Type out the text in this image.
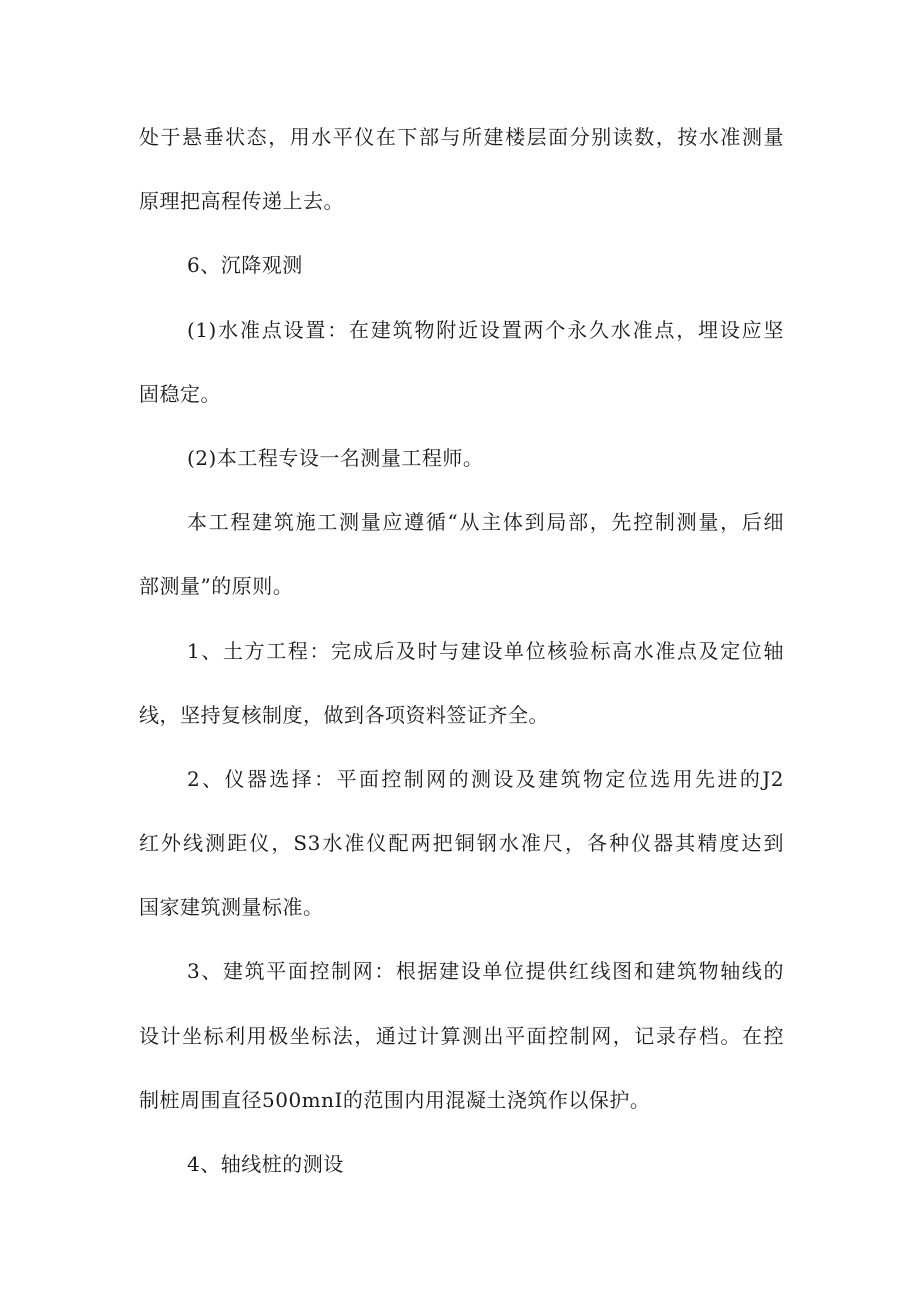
处于悬垂状态，用水平仪在下部与所建楼层面分别读数，按水准测量
原理把高程传递上去。
6、沉降观测
(1)水准点设置：在建筑物附近设置两个永久水准点，埋设应坚
固稳定。
(2)本工程专设一名测量工程师。
本工程建筑施工测量应遵循“从主体到局部，先控制测量，后细
部测量”的原则。
1、土方工程：完成后及时与建设单位核验标高水准点及定位轴
线，坚持复核制度，做到各项资料签证齐全。
2、仪器选择：平面控制网的测设及建筑物定位选用先进的J2
红外线测距仪，S3水准仪配两把铜钢水准尺，各种仪器其精度达到
国家建筑测量标准。
3、建筑平面控制网：根据建设单位提供红线图和建筑物轴线的
设计坐标利用极坐标法，通过计算测出平面控制网，记录存档。在控
制桩周围直径500mnI的范围内用混凝土浇筑作以保护。
4、轴线桩的测设
